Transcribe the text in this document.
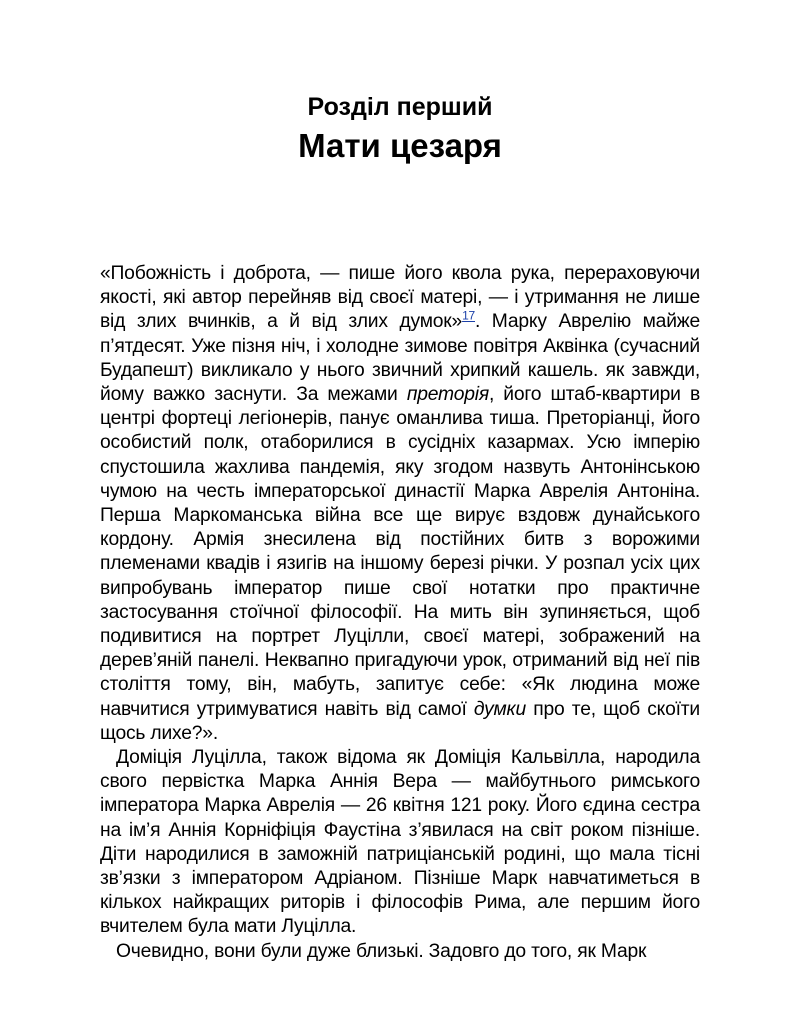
Розділ перший
Мати цезаря

«Побожність і доброта, — пише його квола рука, перераховуючи якості, які автор перейняв від своєї матері, — і утримання не лише від злих вчинків, а й від злих думок»$^{17}$. Марку Аврелію майже п’ятдесят. Уже пізня ніч, і холодне зимове повітря Аквінка (сучасний Будапешт) викликало у нього звичний хрипкий кашель. як завжди, йому важко заснути. За межами преторія, його штаб-квартири в центрі фортеці легіонерів, панує оманлива тиша. Преторіанці, його особистий полк, отаборилися в сусідніх казармах. Усю імперію спустошила жахлива пандемія, яку згодом назвуть Антонінською чумою на честь імператорської династії Марка Аврелія Антоніна. Перша Маркоманська війна все ще вирує вздовж дунайського кордону. Армія знесилена від постійних битв з ворожими племенами квадів і язигів на іншому березі річки. У розпал усіх цих випробувань імператор пише свої нотатки про практичне застосування стоїчної філософії. На мить він зупиняється, щоб подивитися на портрет Луцілли, своєї матері, зображений на дерев’яній панелі. Неквапно пригадуючи урок, отриманий від неї пів століття тому, він, мабуть, запитує себе: «Як людина може навчитися утримуватися навіть від самої думки про те, щоб скоїти щось лихе?».

Доміція Луцілла, також відома як Доміція Кальвілла, народила свого первістка Марка Аннія Вера — майбутнього римського імператора Марка Аврелія — 26 квітня 121 року. Його єдина сестра на ім’я Аннія Корніфіція Фаустіна з’явилася на світ роком пізніше. Діти народилися в заможній патриціанській родині, що мала тісні зв’язки з імператором Адріаном. Пізніше Марк навчатиметься в кількох найкращих риторів і філософів Рима, але першим його вчителем була мати Луцілла.

Очевидно, вони були дуже близькі. Задовго до того, як Марк
